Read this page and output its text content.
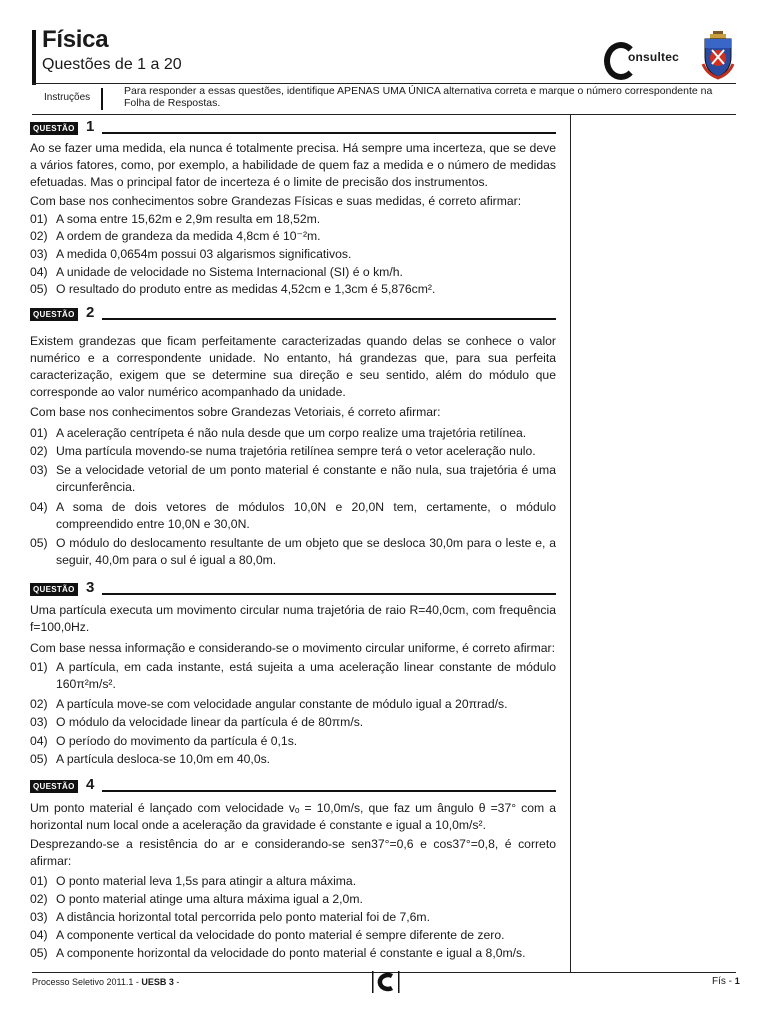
Física
Questões de 1 a 20	onsultec
Instruções
Para responder a essas questões, identifique APENAS UMA ÚNICA alternativa correta e marque o número correspondente na Folha de Respostas.
QUESTÃO 1
Ao se fazer uma medida, ela nunca é totalmente precisa. Há sempre uma incerteza, que se deve a vários fatores, como, por exemplo, a habilidade de quem faz a medida e o número de medidas efetuadas. Mas o principal fator de incerteza é o limite de precisão dos instrumentos.
Com base nos conhecimentos sobre Grandezas Físicas e suas medidas, é correto afirmar:
01) A soma entre 15,62m e 2,9m resulta em 18,52m.
02) A ordem de grandeza da medida 4,8cm é 10⁻²m.
03) A medida 0,0654m possui 03 algarismos significativos.
04) A unidade de velocidade no Sistema Internacional (SI) é o km/h.
05) O resultado do produto entre as medidas 4,52cm e 1,3cm é 5,876cm².
QUESTÃO 2
Existem grandezas que ficam perfeitamente caracterizadas quando delas se conhece o valor numérico e a correspondente unidade. No entanto, há grandezas que, para sua perfeita caracterização, exigem que se determine sua direção e seu sentido, além do módulo que corresponde ao valor numérico acompanhado da unidade.
Com base nos conhecimentos sobre Grandezas Vetoriais, é correto afirmar:
01) A aceleração centrípeta é não nula desde que um corpo realize uma trajetória retilínea.
02) Uma partícula movendo-se numa trajetória retilínea sempre terá o vetor aceleração nulo.
03) Se a velocidade vetorial de um ponto material é constante e não nula, sua trajetória é uma circunferência.
04) A soma de dois vetores de módulos 10,0N e 20,0N tem, certamente, o módulo compreendido entre 10,0N e 30,0N.
05) O módulo do deslocamento resultante de um objeto que se desloca 30,0m para o leste e, a seguir, 40,0m para o sul é igual a 80,0m.
QUESTÃO 3
Uma partícula executa um movimento circular numa trajetória de raio R=40,0cm, com frequência f=100,0Hz.
Com base nessa informação e considerando-se o movimento circular uniforme, é correto afirmar:
01) A partícula, em cada instante, está sujeita a uma aceleração linear constante de módulo 160π²m/s².
02) A partícula move-se com velocidade angular constante de módulo igual a 20πrad/s.
03) O módulo da velocidade linear da partícula é de 80πm/s.
04) O período do movimento da partícula é 0,1s.
05) A partícula desloca-se 10,0m em 40,0s.
QUESTÃO 4
Um ponto material é lançado com velocidade vₒ = 10,0m/s, que faz um ângulo θ =37° com a horizontal num local onde a aceleração da gravidade é constante e igual a 10,0m/s².
Desprezando-se a resistência do ar e considerando-se sen37°=0,6 e cos37°=0,8, é correto afirmar:
01) O ponto material leva 1,5s para atingir a altura máxima.
02) O ponto material atinge uma altura máxima igual a 2,0m.
03) A distância horizontal total percorrida pelo ponto material foi de 7,6m.
04) A componente vertical da velocidade do ponto material é sempre diferente de zero.
05) A componente horizontal da velocidade do ponto material é constante e igual a 8,0m/s.
Processo Seletivo 2011.1 - UESB 3 -	Fís - 1
